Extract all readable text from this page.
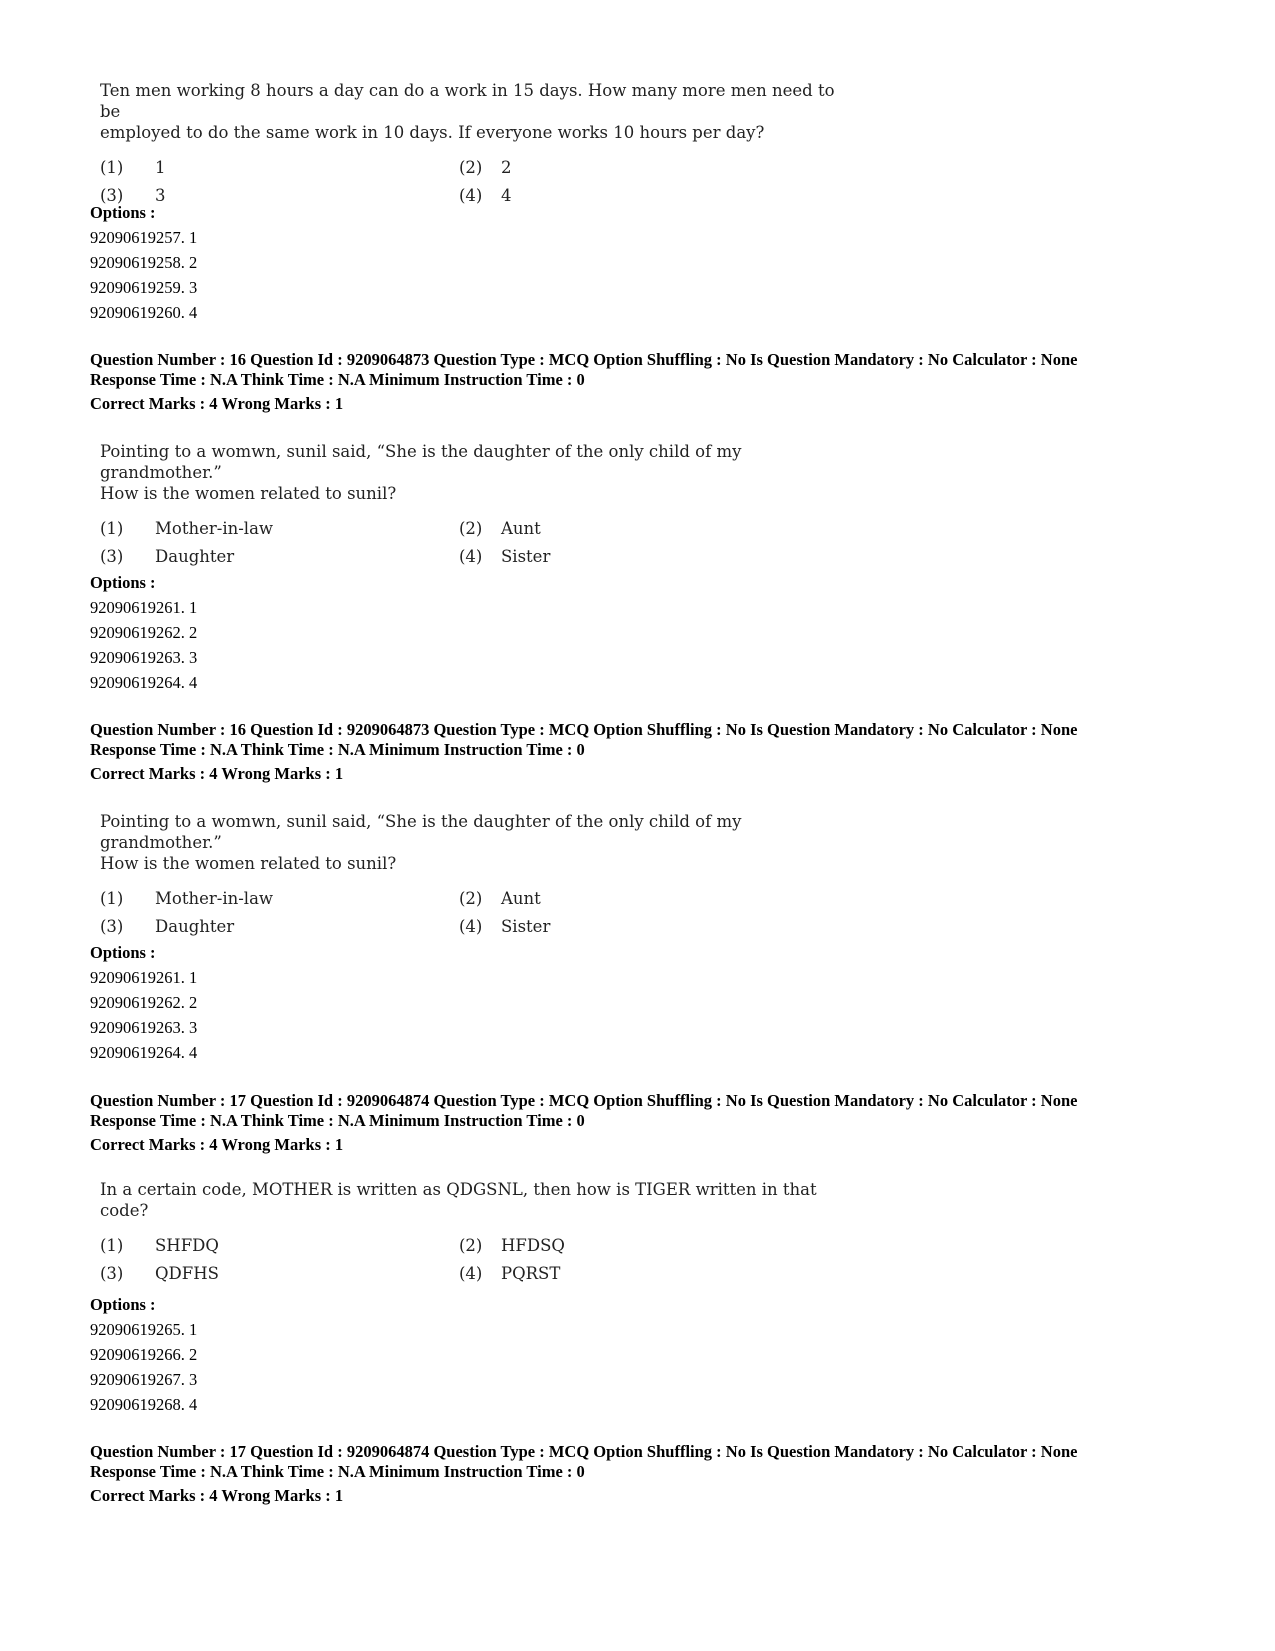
Ten men working 8 hours a day can do a work in 15 days. How many more men need to be
employed to do the same work in 10 days. If everyone works 10 hours per day?

(1) 1	(2) 2
(3) 3	(4) 4
Options :
92090619257. 1
92090619258. 2
92090619259. 3
92090619260. 4
Question Number : 16 Question Id : 9209064873 Question Type : MCQ Option Shuffling : No Is Question Mandatory : No Calculator : None
Response Time : N.A Think Time : N.A Minimum Instruction Time : 0
Correct Marks : 4 Wrong Marks : 1

Pointing to a womwn, sunil said, “She is the daughter of the only child of my grandmother.”
How is the women related to sunil?

(1) Mother-in-law	(2) Aunt
(3) Daughter	(4) Sister
Options :
92090619261. 1
92090619262. 2
92090619263. 3
92090619264. 4
Question Number : 16 Question Id : 9209064873 Question Type : MCQ Option Shuffling : No Is Question Mandatory : No Calculator : None
Response Time : N.A Think Time : N.A Minimum Instruction Time : 0
Correct Marks : 4 Wrong Marks : 1

Pointing to a womwn, sunil said, “She is the daughter of the only child of my grandmother.”
How is the women related to sunil?

(1) Mother-in-law	(2) Aunt
(3) Daughter	(4) Sister
Options :
92090619261. 1
92090619262. 2
92090619263. 3
92090619264. 4
Question Number : 17 Question Id : 9209064874 Question Type : MCQ Option Shuffling : No Is Question Mandatory : No Calculator : None
Response Time : N.A Think Time : N.A Minimum Instruction Time : 0
Correct Marks : 4 Wrong Marks : 1

In a certain code, MOTHER is written as QDGSNL, then how is TIGER written in that code?

(1) SHFDQ	(2) HFDSQ
(3) QDFHS	(4) PQRST
Options :
92090619265. 1
92090619266. 2
92090619267. 3
92090619268. 4
Question Number : 17 Question Id : 9209064874 Question Type : MCQ Option Shuffling : No Is Question Mandatory : No Calculator : None
Response Time : N.A Think Time : N.A Minimum Instruction Time : 0
Correct Marks : 4 Wrong Marks : 1
